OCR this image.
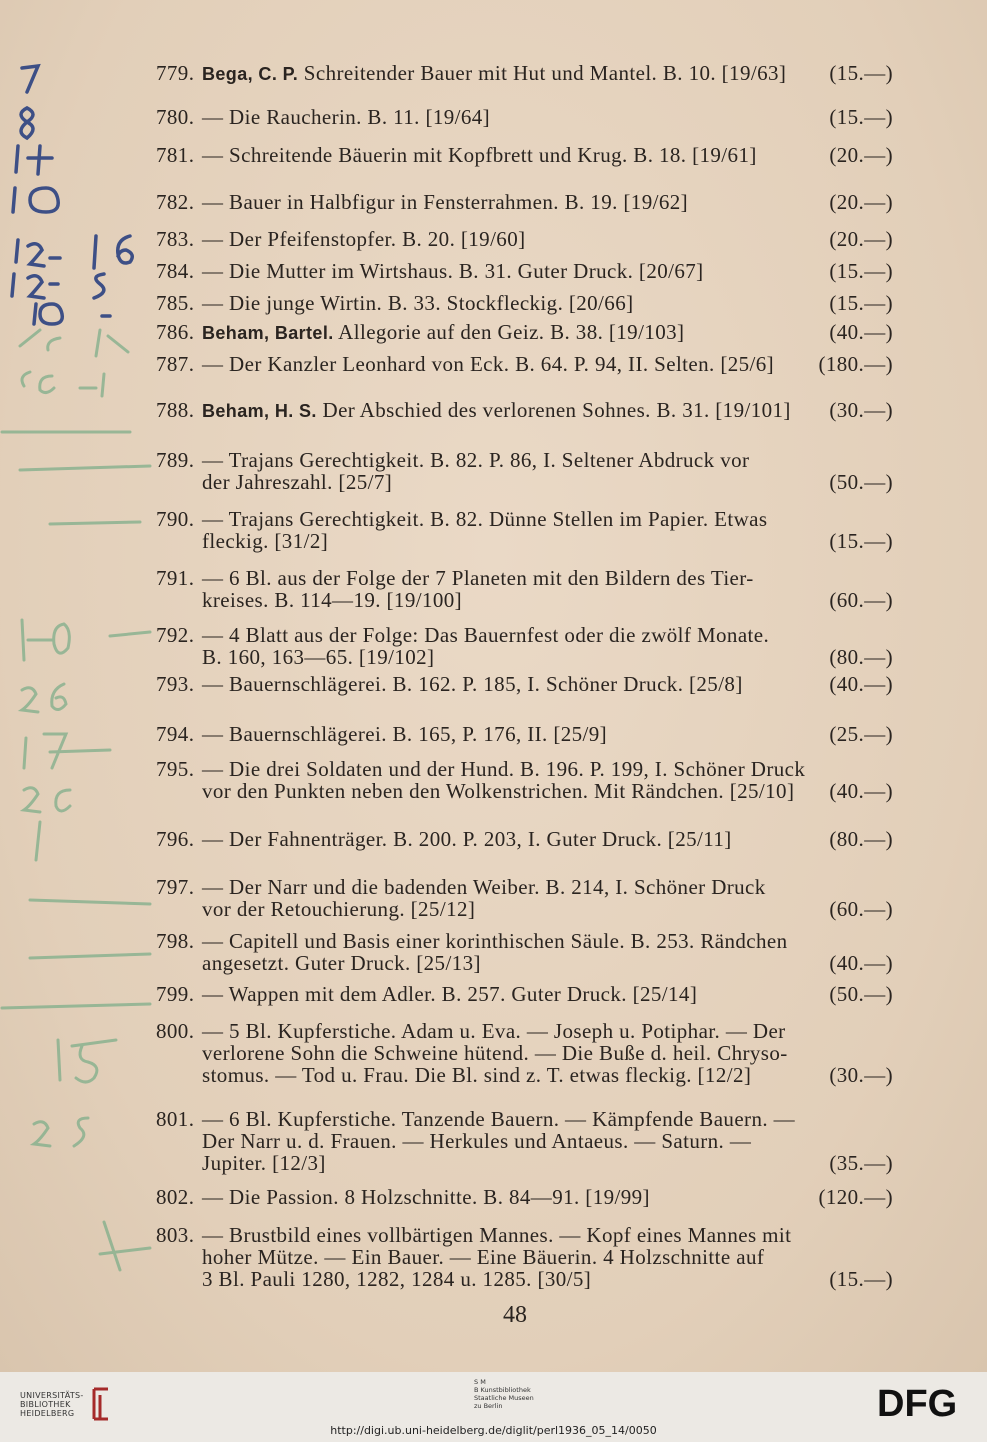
779. Bega, C. P. Schreitender Bauer mit Hut und Mantel. B. 10. [19/63] (15.—)
780. — Die Raucherin. B. 11. [19/64]	(15.—)
781. — Schreitende Bäuerin mit Kopfbrett und Krug. B. 18. [19/61]	(20.—)
782. — Bauer in Halbfigur in Fensterrahmen. B. 19. [19/62]	(20.—)
783. — Der Pfeifenstopfer. B. 20. [19/60]	(20.—)
784. — Die Mutter im Wirtshaus. B. 31. Guter Druck. [20/67]	(15.—)
785. — Die junge Wirtin. B. 33. Stockfleckig. [20/66]	(15.—)
786. Beham, Bartel. Allegorie auf den Geiz. B. 38. [19/103]	(40.—)
787. — Der Kanzler Leonhard von Eck. B. 64. P. 94, II. Selten. [25/6] (180.—)
788. Beham, H. S. Der Abschied des verlorenen Sohnes. B. 31. [19/101] (30.—)
789. — Trajans Gerechtigkeit. B. 82. P. 86, I. Seltener Abdruck vor
der Jahreszahl. [25/7]	(50.—)
790. — Trajans Gerechtigkeit. B. 82. Dünne Stellen im Papier. Etwas
fleckig. [31/2]	(15.—)
791. — 6 Bl. aus der Folge der 7 Planeten mit den Bildern des Tier-
kreises. B. 114—19. [19/100]	(60.—)
792. — 4 Blatt aus der Folge: Das Bauernfest oder die zwölf Monate.
B. 160, 163—65. [19/102]	(80.—)
793. — Bauernschlägerei. B. 162. P. 185, I. Schöner Druck. [25/8]	(40.—)
794. — Bauernschlägerei. B. 165, P. 176, II. [25/9]	(25.—)
795. — Die drei Soldaten und der Hund. B. 196. P. 199, I. Schöner Druck
vor den Punkten neben den Wolkenstrichen. Mit Rändchen. [25/10] (40.—)
796. — Der Fahnenträger. B. 200. P. 203, I. Guter Druck. [25/11]	(80.—)
797. — Der Narr und die badenden Weiber. B. 214, I. Schöner Druck
vor der Retouchierung. [25/12]	(60.—)
798. — Capitell und Basis einer korinthischen Säule. B. 253. Rändchen
angesetzt. Guter Druck. [25/13]	(40.—)
799. — Wappen mit dem Adler. B. 257. Guter Druck. [25/14]	(50.—)
800. — 5 Bl. Kupferstiche. Adam u. Eva. — Joseph u. Potiphar. — Der
verlorene Sohn die Schweine hütend. — Die Buße d. heil. Chryso-
stomus. — Tod u. Frau. Die Bl. sind z. T. etwas fleckig. [12/2]	(30.—)
801. — 6 Bl. Kupferstiche. Tanzende Bauern. — Kämpfende Bauern. —
Der Narr u. d. Frauen. — Herkules und Antaeus. — Saturn. —
Jupiter. [12/3]	(35.—)
802. — Die Passion. 8 Holzschnitte. B. 84—91. [19/99]	(120.—)
803. — Brustbild eines vollbärtigen Mannes. — Kopf eines Mannes mit
hoher Mütze. — Ein Bauer. — Eine Bäuerin. 4 Holzschnitte auf
3 Bl. Pauli 1280, 1282, 1284 u. 1285. [30/5]	(15.—)
48
UNIVERSITÄTS-
BIBLIOTHEK
HEIDELBERG
S M
B Kunstbibliothek
Staatliche Museen
zu Berlin	DFG
http://digi.ub.uni-heidelberg.de/diglit/perl1936_05_14/0050
